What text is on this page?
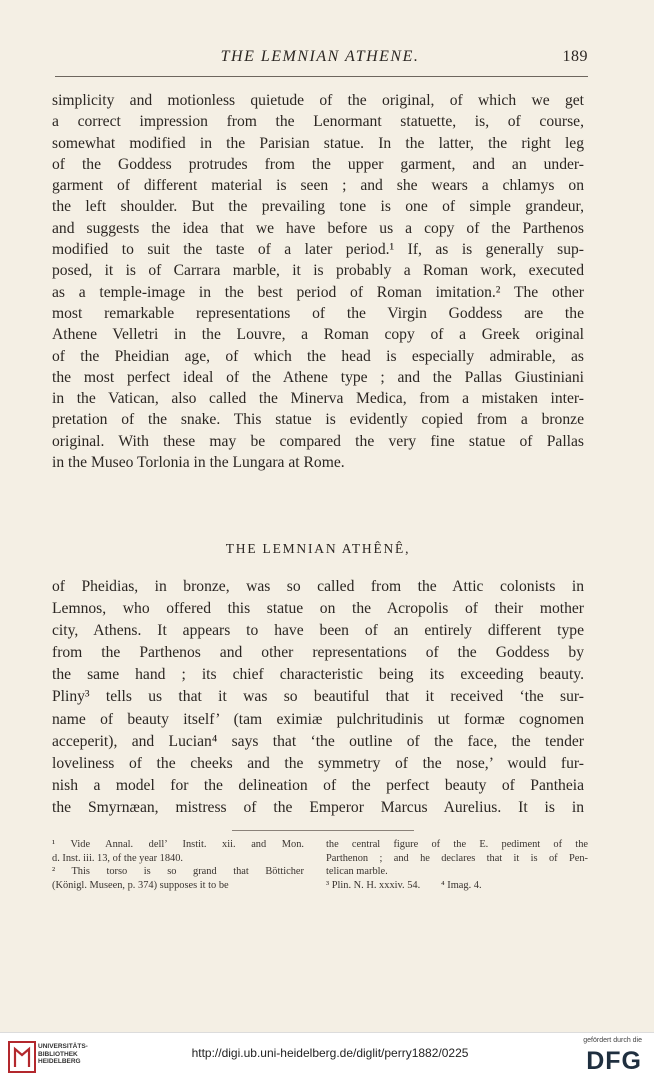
THE LEMNIAN ATHENE.	189
simplicity and motionless quietude of the original, of which we get
a correct impression from the Lenormant statuette, is, of course,
somewhat modified in the Parisian statue. In the latter, the right leg
of the Goddess protrudes from the upper garment, and an under-
garment of different material is seen ; and she wears a chlamys on
the left shoulder. But the prevailing tone is one of simple grandeur,
and suggests the idea that we have before us a copy of the Parthenos
modified to suit the taste of a later period.¹ If, as is generally sup-
posed, it is of Carrara marble, it is probably a Roman work, executed
as a temple-image in the best period of Roman imitation.² The other
most remarkable representations of the Virgin Goddess are the
Athene Velletri in the Louvre, a Roman copy of a Greek original
of the Pheidian age, of which the head is especially admirable, as
the most perfect ideal of the Athene type ; and the Pallas Giustiniani
in the Vatican, also called the Minerva Medica, from a mistaken inter-
pretation of the snake. This statue is evidently copied from a bronze
original. With these may be compared the very fine statue of Pallas
in the Museo Torlonia in the Lungara at Rome.
THE LEMNIAN ATHÊNÊ,
of Pheidias, in bronze, was so called from the Attic colonists in
Lemnos, who offered this statue on the Acropolis of their mother
city, Athens. It appears to have been of an entirely different type
from the Parthenos and other representations of the Goddess by
the same hand ; its chief characteristic being its exceeding beauty.
Pliny³ tells us that it was so beautiful that it received ‘the sur-
name of beauty itself’ (tam eximiæ pulchritudinis ut formæ cognomen
acceperit), and Lucian⁴ says that ‘the outline of the face, the tender
loveliness of the cheeks and the symmetry of the nose,’ would fur-
nish a model for the delineation of the perfect beauty of Pantheia
the Smyrnæan, mistress of the Emperor Marcus Aurelius. It is in
¹ Vide Annal. dell’ Instit. xii. and Mon.
d. Inst. iii. 13, of the year 1840.
² This torso is so grand that Bötticher
(Königl. Museen, p. 374) supposes it to be
the central figure of the E. pediment of the
Parthenon ; and he declares that it is of Pen-
telican marble.
³ Plin. N. H. xxxiv. 54.        ⁴ Imag. 4.
UNIVERSITÄTS-
BIBLIOTHEK
HEIDELBERG
http://digi.ub.uni-heidelberg.de/diglit/perry1882/0225
gefördert durch die
DFG
